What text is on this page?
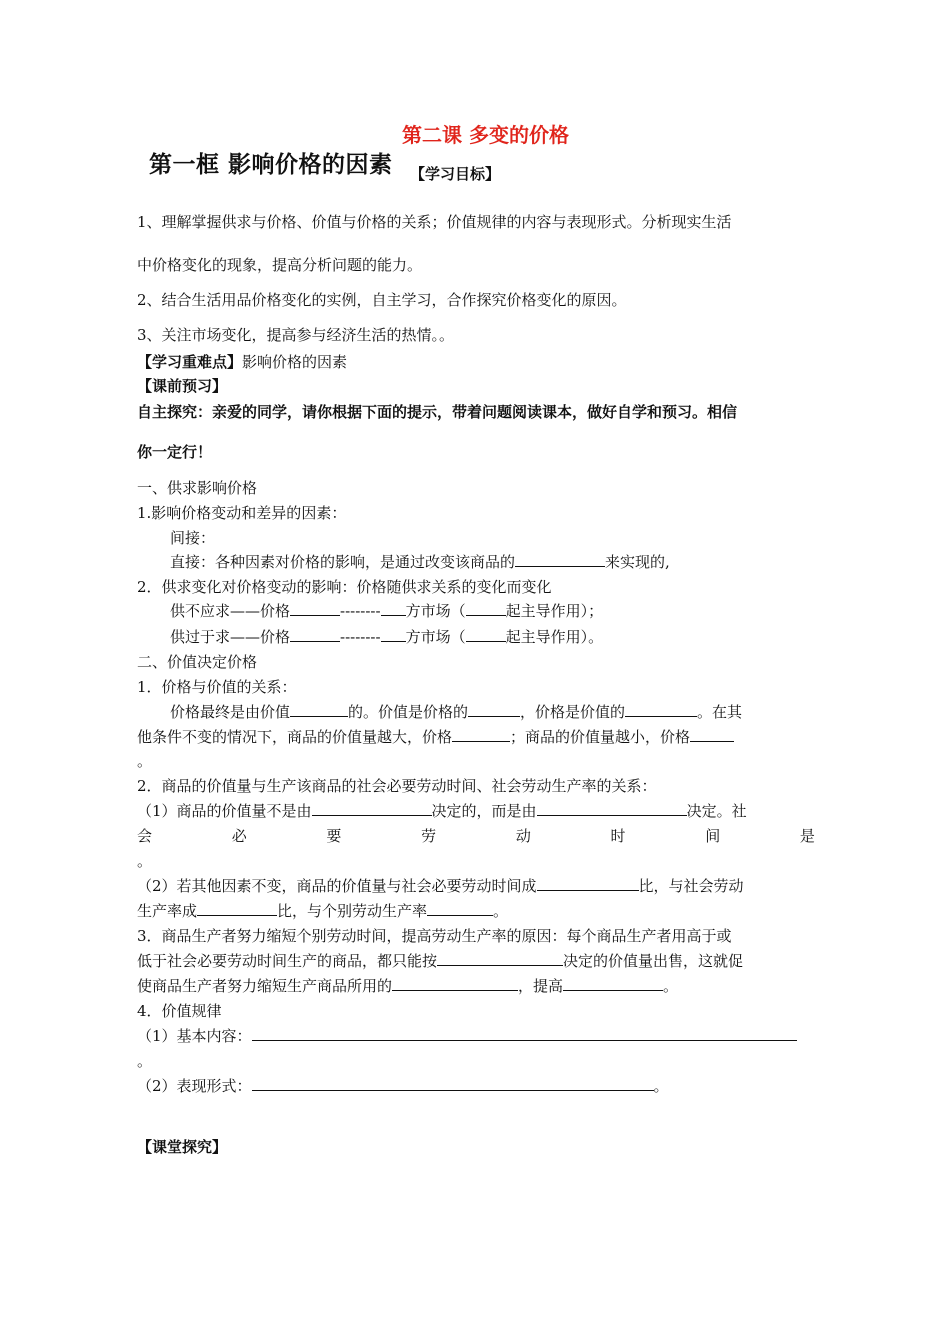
第二课 多变的价格
第一框 影响价格的因素 【学习目标】
1、理解掌握供求与价格、价值与价格的关系；价值规律的内容与表现形式。分析现实生活
中价格变化的现象，提高分析问题的能力。
2、结合生活用品价格变化的实例，自主学习，合作探究价格变化的原因。
3、关注市场变化，提高参与经济生活的热情。。
【学习重难点】影响价格的因素
【课前预习】
自主探究：亲爱的同学，请你根据下面的提示，带着问题阅读课本，做好自学和预习。相信
你一定行！
一、供求影响价格
1.影响价格变动和差异的因素：
间接：
直接：各种因素对价格的影响，是通过改变该商品的	来实现的,
2．供求变化对价格变动的影响：价格随供求关系的变化而变化
供不应求——价格	-------- 方市场（	起主导作用）；
供过于求——价格	-------- 方市场（	起主导作用）。
二、价值决定价格
1．价格与价值的关系：
价格最终是由价值	的。价值是价格的	，价格是价值的	。在其
他条件不变的情况下，商品的价值量越大，价格	；商品的价值量越小，价格
。
2．商品的价值量与生产该商品的社会必要劳动时间、社会劳动生产率的关系：
（1）商品的价值量不是由	决定的，而是由	决定。社
会	必	要	劳	动	时	间	是
。
（2）若其他因素不变，商品的价值量与社会必要劳动时间成	比，与社会劳动
生产率成	比，与个别劳动生产率	。
3．商品生产者努力缩短个别劳动时间，提高劳动生产率的原因：每个商品生产者用高于或
低于社会必要劳动时间生产的商品，都只能按	决定的价值量出售，这就促
使商品生产者努力缩短生产商品所用的	，提高	。
4．价值规律
（1）基本内容：
。
（2）表现形式：	。
【课堂探究】
